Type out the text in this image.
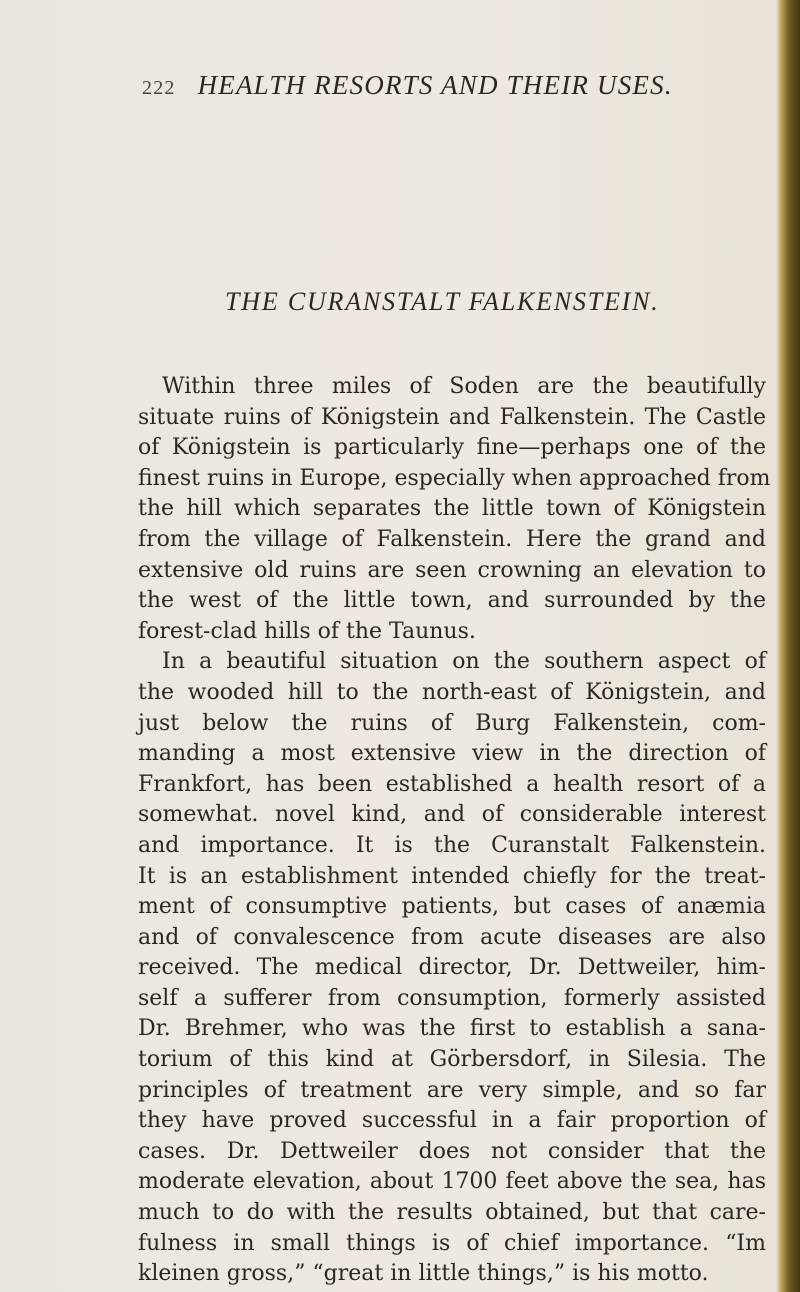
222 HEALTH RESORTS AND THEIR USES.
THE CURANSTALT FALKENSTEIN.
Within three miles of Soden are the beautifully
situate ruins of Königstein and Falkenstein. The Castle
of Königstein is particularly fine—perhaps one of the
finest ruins in Europe, especially when approached from
the hill which separates the little town of Königstein
from the village of Falkenstein. Here the grand and
extensive old ruins are seen crowning an elevation to
the west of the little town, and surrounded by the
forest-clad hills of the Taunus.
In a beautiful situation on the southern aspect of
the wooded hill to the north-east of Königstein, and
just below the ruins of Burg Falkenstein, com-
manding a most extensive view in the direction of
Frankfort, has been established a health resort of a
somewhat. novel kind, and of considerable interest
and importance. It is the Curanstalt Falkenstein.
It is an establishment intended chiefly for the treat-
ment of consumptive patients, but cases of anæmia
and of convalescence from acute diseases are also
received. The medical director, Dr. Dettweiler, him-
self a sufferer from consumption, formerly assisted
Dr. Brehmer, who was the first to establish a sana-
torium of this kind at Görbersdorf, in Silesia. The
principles of treatment are very simple, and so far
they have proved successful in a fair proportion of
cases. Dr. Dettweiler does not consider that the
moderate elevation, about 1700 feet above the sea, has
much to do with the results obtained, but that care-
fulness in small things is of chief importance. “Im
kleinen gross,” “great in little things,” is his motto.
